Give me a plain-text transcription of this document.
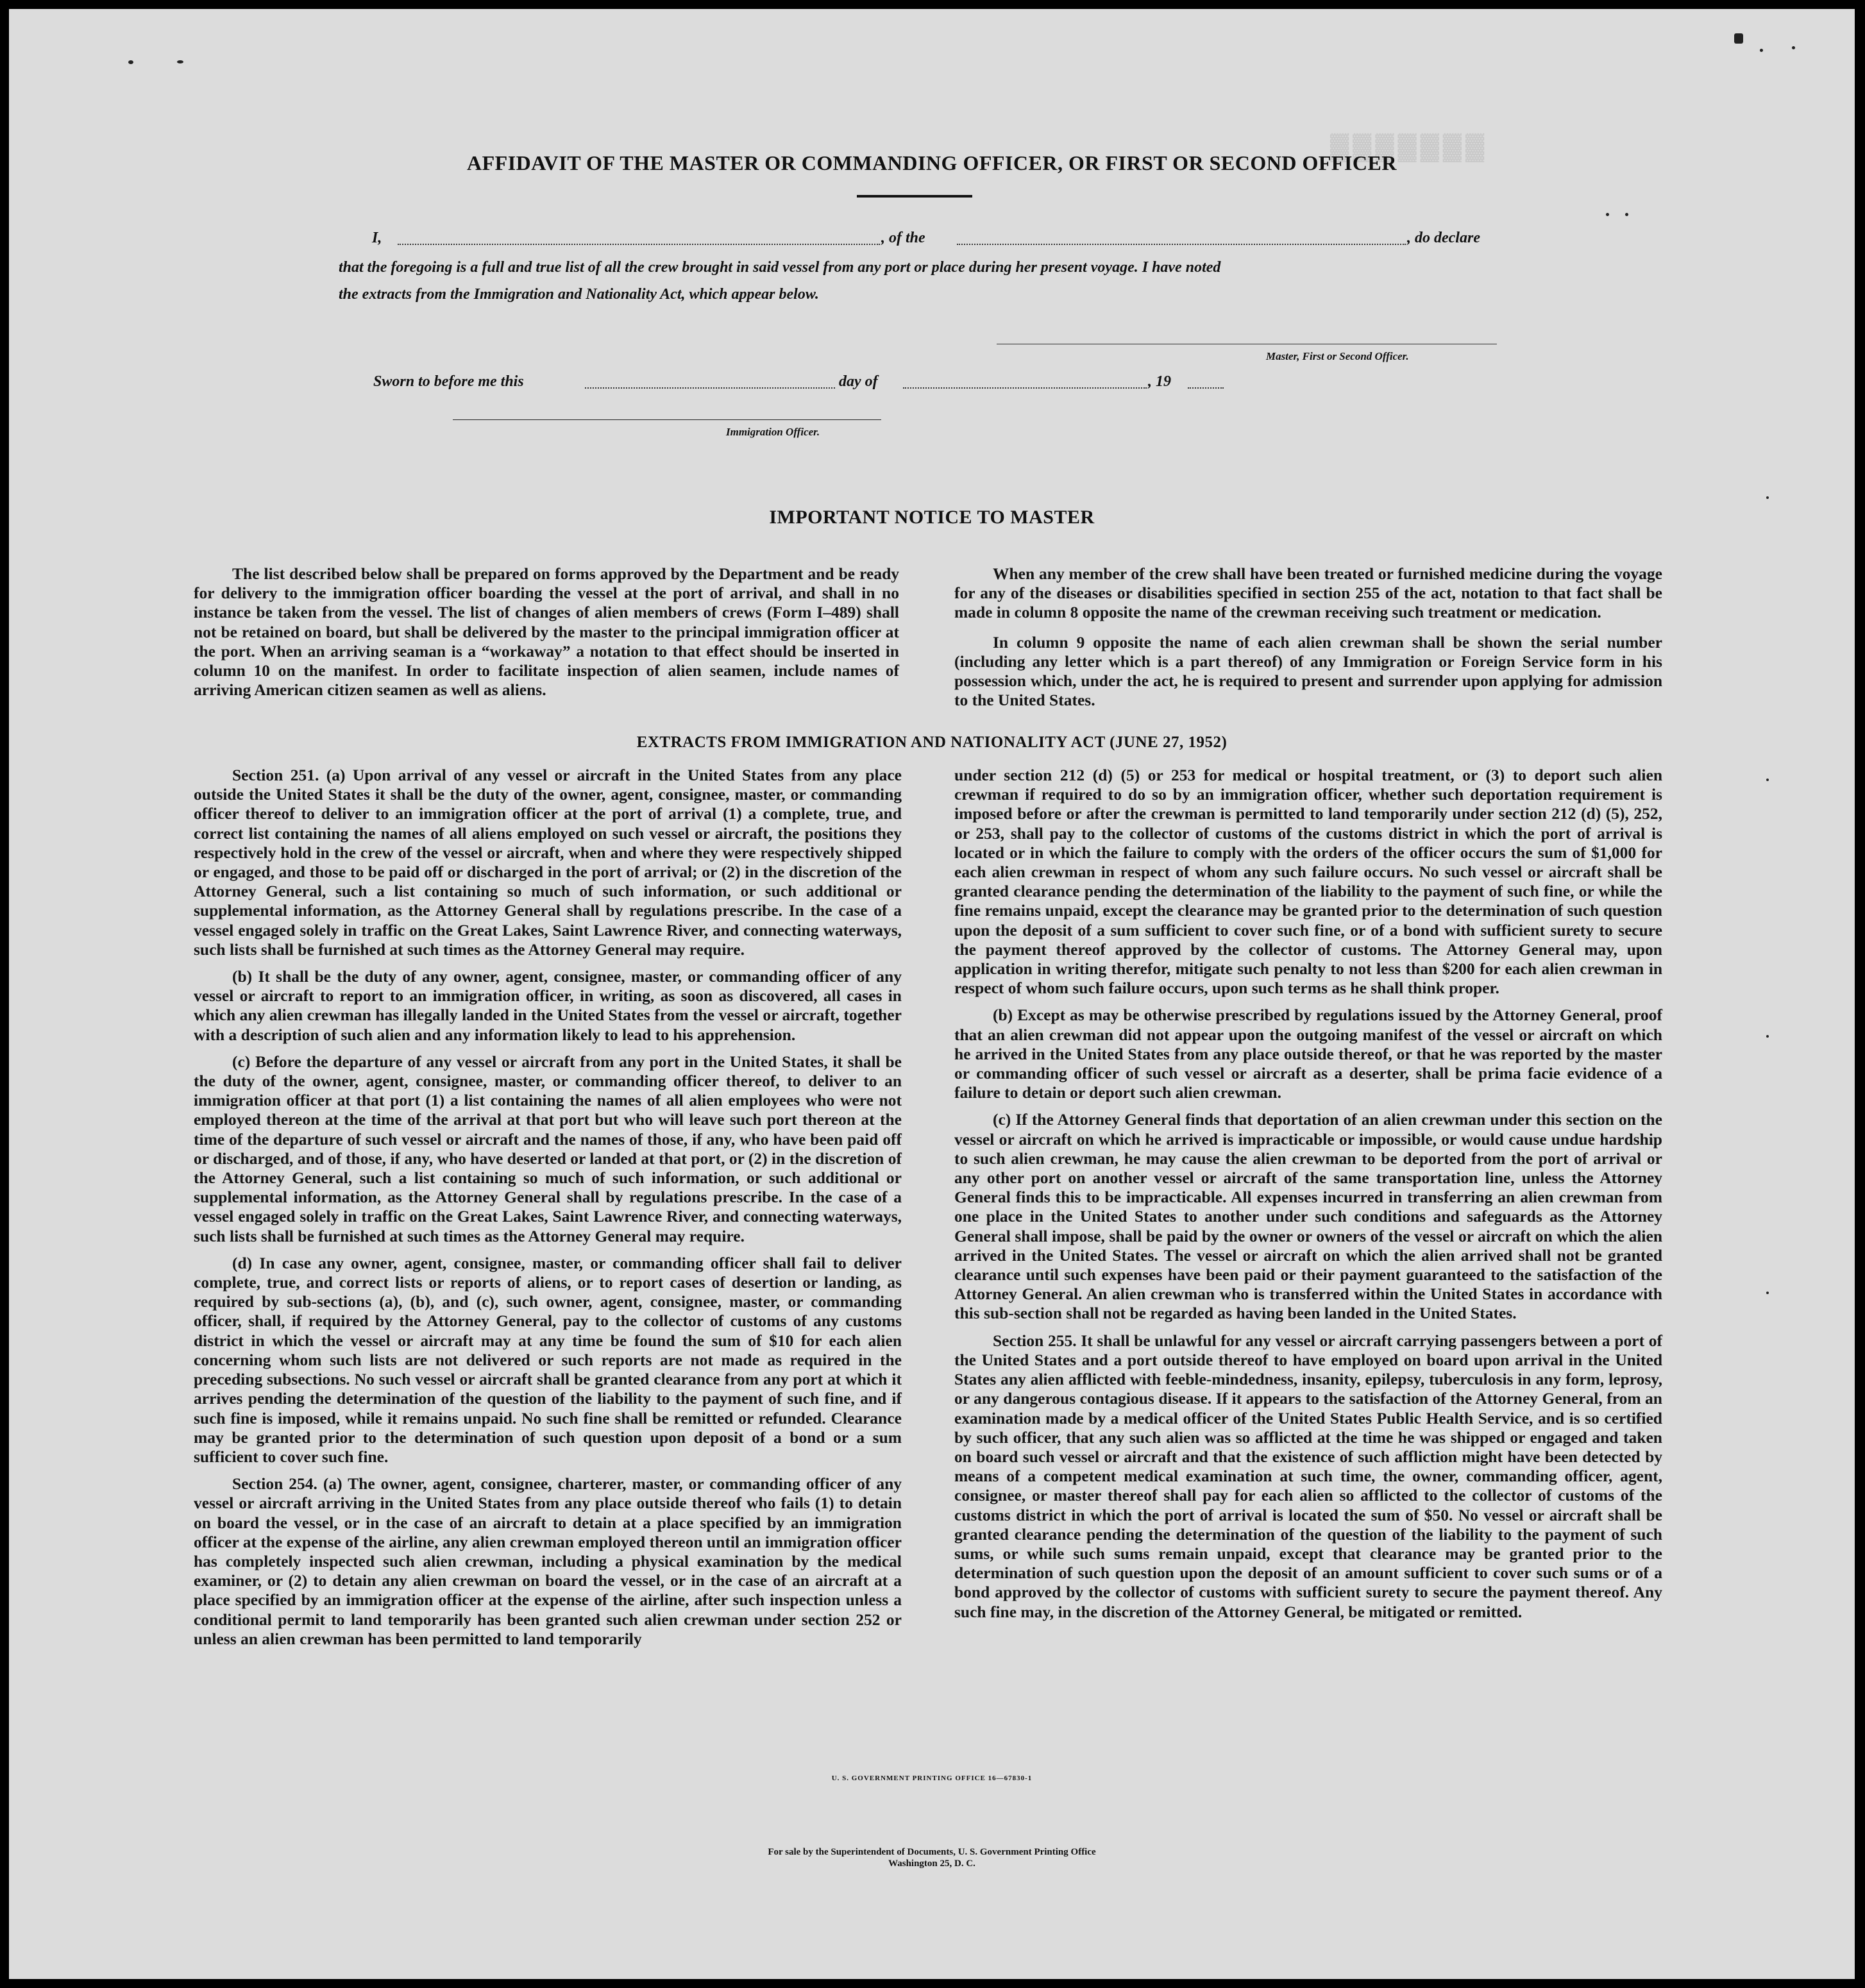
▓▓▓▓▓▓▓
AFFIDAVIT OF THE MASTER OR COMMANDING OFFICER, OR FIRST OR SECOND OFFICER
I,	, of the	, do declare
that the foregoing is a full and true list of all the crew brought in said vessel from any port or place during her present voyage. I have noted
the extracts from the Immigration and Nationality Act, which appear below.
Master, First or Second Officer.
Sworn to before me this	day of	, 19
Immigration Officer.
IMPORTANT NOTICE TO MASTER

The list described below shall be prepared on forms approved by the Department and be ready for delivery to the immigration officer boarding the vessel at the port of arrival, and shall in no instance be taken from the vessel. The list of changes of alien members of crews (Form I–489) shall not be retained on board, but shall be delivered by the master to the principal immigration officer at the port. When an arriving seaman is a “workaway” a notation to that effect should be inserted in column 10 on the manifest. In order to facilitate inspection of alien seamen, include names of arriving American citizen seamen as well as aliens.

When any member of the crew shall have been treated or furnished medicine during the voyage for any of the diseases or disabilities specified in section 255 of the act, notation to that fact shall be made in column 8 opposite the name of the crewman receiving such treatment or medication.

In column 9 opposite the name of each alien crewman shall be shown the serial number (including any letter which is a part thereof) of any Immigration or Foreign Service form in his possession which, under the act, he is required to present and surrender upon applying for admission to the United States.

EXTRACTS FROM IMMIGRATION AND NATIONALITY ACT (JUNE 27, 1952)

Section 251. (a) Upon arrival of any vessel or aircraft in the United States from any place outside the United States it shall be the duty of the owner, agent, consignee, master, or commanding officer thereof to deliver to an immigration officer at the port of arrival (1) a complete, true, and correct list containing the names of all aliens employed on such vessel or aircraft, the positions they respectively hold in the crew of the vessel or aircraft, when and where they were respectively shipped or engaged, and those to be paid off or discharged in the port of arrival; or (2) in the discretion of the Attorney General, such a list containing so much of such information, or such additional or supplemental information, as the Attorney General shall by regulations prescribe. In the case of a vessel engaged solely in traffic on the Great Lakes, Saint Lawrence River, and connecting waterways, such lists shall be furnished at such times as the Attorney General may require.

(b) It shall be the duty of any owner, agent, consignee, master, or commanding officer of any vessel or aircraft to report to an immigration officer, in writing, as soon as discovered, all cases in which any alien crewman has illegally landed in the United States from the vessel or aircraft, together with a description of such alien and any information likely to lead to his apprehension.

(c) Before the departure of any vessel or aircraft from any port in the United States, it shall be the duty of the owner, agent, consignee, master, or commanding officer thereof, to deliver to an immigration officer at that port (1) a list containing the names of all alien employees who were not employed thereon at the time of the arrival at that port but who will leave such port thereon at the time of the departure of such vessel or aircraft and the names of those, if any, who have been paid off or discharged, and of those, if any, who have deserted or landed at that port, or (2) in the discretion of the Attorney General, such a list containing so much of such information, or such additional or supplemental information, as the Attorney General shall by regulations prescribe. In the case of a vessel engaged solely in traffic on the Great Lakes, Saint Lawrence River, and connecting waterways, such lists shall be furnished at such times as the Attorney General may require.

(d) In case any owner, agent, consignee, master, or commanding officer shall fail to deliver complete, true, and correct lists or reports of aliens, or to report cases of desertion or landing, as required by sub-sections (a), (b), and (c), such owner, agent, consignee, master, or commanding officer, shall, if required by the Attorney General, pay to the collector of customs of any customs district in which the vessel or aircraft may at any time be found the sum of $10 for each alien concerning whom such lists are not delivered or such reports are not made as required in the preceding subsections. No such vessel or aircraft shall be granted clearance from any port at which it arrives pending the determination of the question of the liability to the payment of such fine, and if such fine is imposed, while it remains unpaid. No such fine shall be remitted or refunded. Clearance may be granted prior to the determination of such question upon deposit of a bond or a sum sufficient to cover such fine.

Section 254. (a) The owner, agent, consignee, charterer, master, or commanding officer of any vessel or aircraft arriving in the United States from any place outside thereof who fails (1) to detain on board the vessel, or in the case of an aircraft to detain at a place specified by an immigration officer at the expense of the airline, any alien crewman employed thereon until an immigration officer has completely inspected such alien crewman, including a physical examination by the medical examiner, or (2) to detain any alien crewman on board the vessel, or in the case of an aircraft at a place specified by an immigration officer at the expense of the airline, after such inspection unless a conditional permit to land temporarily has been granted such alien crewman under section 252 or unless an alien crewman has been permitted to land temporarily

under section 212 (d) (5) or 253 for medical or hospital treatment, or (3) to deport such alien crewman if required to do so by an immigration officer, whether such deportation requirement is imposed before or after the crewman is permitted to land temporarily under section 212 (d) (5), 252, or 253, shall pay to the collector of customs of the customs district in which the port of arrival is located or in which the failure to comply with the orders of the officer occurs the sum of $1,000 for each alien crewman in respect of whom any such failure occurs. No such vessel or aircraft shall be granted clearance pending the determination of the liability to the payment of such fine, or while the fine remains unpaid, except the clearance may be granted prior to the determination of such question upon the deposit of a sum sufficient to cover such fine, or of a bond with sufficient surety to secure the payment thereof approved by the collector of customs. The Attorney General may, upon application in writing therefor, mitigate such penalty to not less than $200 for each alien crewman in respect of whom such failure occurs, upon such terms as he shall think proper.

(b) Except as may be otherwise prescribed by regulations issued by the Attorney General, proof that an alien crewman did not appear upon the outgoing manifest of the vessel or aircraft on which he arrived in the United States from any place outside thereof, or that he was reported by the master or commanding officer of such vessel or aircraft as a deserter, shall be prima facie evidence of a failure to detain or deport such alien crewman.

(c) If the Attorney General finds that deportation of an alien crewman under this section on the vessel or aircraft on which he arrived is impracticable or impossible, or would cause undue hardship to such alien crewman, he may cause the alien crewman to be deported from the port of arrival or any other port on another vessel or aircraft of the same transportation line, unless the Attorney General finds this to be impracticable. All expenses incurred in transferring an alien crewman from one place in the United States to another under such conditions and safeguards as the Attorney General shall impose, shall be paid by the owner or owners of the vessel or aircraft on which the alien arrived in the United States. The vessel or aircraft on which the alien arrived shall not be granted clearance until such expenses have been paid or their payment guaranteed to the satisfaction of the Attorney General. An alien crewman who is transferred within the United States in accordance with this sub-section shall not be regarded as having been landed in the United States.

Section 255. It shall be unlawful for any vessel or aircraft carrying passengers between a port of the United States and a port outside thereof to have employed on board upon arrival in the United States any alien afflicted with feeble-mindedness, insanity, epilepsy, tuberculosis in any form, leprosy, or any dangerous contagious disease. If it appears to the satisfaction of the Attorney General, from an examination made by a medical officer of the United States Public Health Service, and is so certified by such officer, that any such alien was so afflicted at the time he was shipped or engaged and taken on board such vessel or aircraft and that the existence of such affliction might have been detected by means of a competent medical examination at such time, the owner, commanding officer, agent, consignee, or master thereof shall pay for each alien so afflicted to the collector of customs of the customs district in which the port of arrival is located the sum of $50. No vessel or aircraft shall be granted clearance pending the determination of the question of the liability to the payment of such sums, or while such sums remain unpaid, except that clearance may be granted prior to the determination of such question upon the deposit of an amount sufficient to cover such sums or of a bond approved by the collector of customs with sufficient surety to secure the payment thereof. Any such fine may, in the discretion of the Attorney General, be mitigated or remitted.

U. S. GOVERNMENT PRINTING OFFICE 16—67830-1
For sale by the Superintendent of Documents, U. S. Government Printing Office
Washington 25, D. C.
